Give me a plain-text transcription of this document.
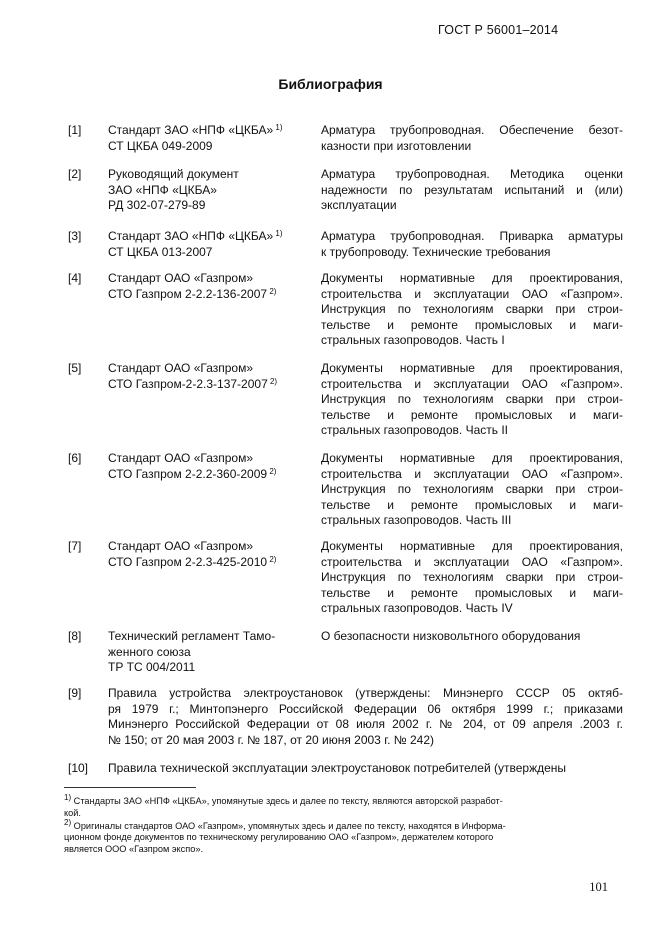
ГОСТ Р 56001–2014
Библиография
[1] Стандарт ЗАО «НПФ «ЦКБА» $^{1)}$
СТ ЦКБА 049-2009
Арматура трубопроводная. Обеспечение безот-
казности при изготовлении
[2] Руководящий документ
ЗАО «НПФ «ЦКБА»
РД 302-07-279-89
Арматура трубопроводная. Методика оценки
надежности по результатам испытаний и (или)
эксплуатации
[3] Стандарт ЗАО «НПФ «ЦКБА» $^{1)}$
СТ ЦКБА 013-2007
Арматура трубопроводная. Приварка арматуры
к трубопроводу. Технические требования
[4] Стандарт ОАО «Газпром»
СТО Газпром 2-2.2-136-2007 $^{2)}$
Документы нормативные для проектирования,
строительства и эксплуатации ОАО «Газпром».
Инструкция по технологиям сварки при строи-
тельстве и ремонте промысловых и маги-
стральных газопроводов. Часть I
[5] Стандарт ОАО «Газпром»
СТО Газпром-2-2.3-137-2007 $^{2)}$
Документы нормативные для проектирования,
строительства и эксплуатации ОАО «Газпром».
Инструкция по технологиям сварки при строи-
тельстве и ремонте промысловых и маги-
стральных газопроводов. Часть II
[6] Стандарт ОАО «Газпром»
СТО Газпром 2-2.2-360-2009 $^{2)}$
Документы нормативные для проектирования,
строительства и эксплуатации ОАО «Газпром».
Инструкция по технологиям сварки при строи-
тельстве и ремонте промысловых и маги-
стральных газопроводов. Часть III
[7] Стандарт ОАО «Газпром»
СТО Газпром 2-2.3-425-2010 $^{2)}$
Документы нормативные для проектирования,
строительства и эксплуатации ОАО «Газпром».
Инструкция по технологиям сварки при строи-
тельстве и ремонте промысловых и маги-
стральных газопроводов. Часть IV
[8] Технический регламент Тамо-
женного союза
ТР ТС 004/2011
О безопасности низковольтного оборудования
[9] Правила устройства электроустановок (утверждены: Минэнерго СССР 05 октяб-
ря 1979 г.; Минтопэнерго Российской Федерации 06 октября 1999 г.; приказами
Минэнерго Российской Федерации от 08 июля 2002 г. № 204, от 09 апреля .2003 г.
№ 150; от 20 мая 2003 г. № 187, от 20 июня 2003 г. № 242)
[10] Правила технической эксплуатации электроустановок потребителей (утверждены
$^{1)}$ Стандарты ЗАО «НПФ «ЦКБА», упомянутые здесь и далее по тексту, являются авторской разработ-
кой.
$^{2)}$ Оригиналы стандартов ОАО «Газпром», упомянутых здесь и далее по тексту, находятся в Информа-
ционном фонде документов по техническому регулированию ОАО «Газпром», держателем которого
является ООО «Газпром экспо».
101
